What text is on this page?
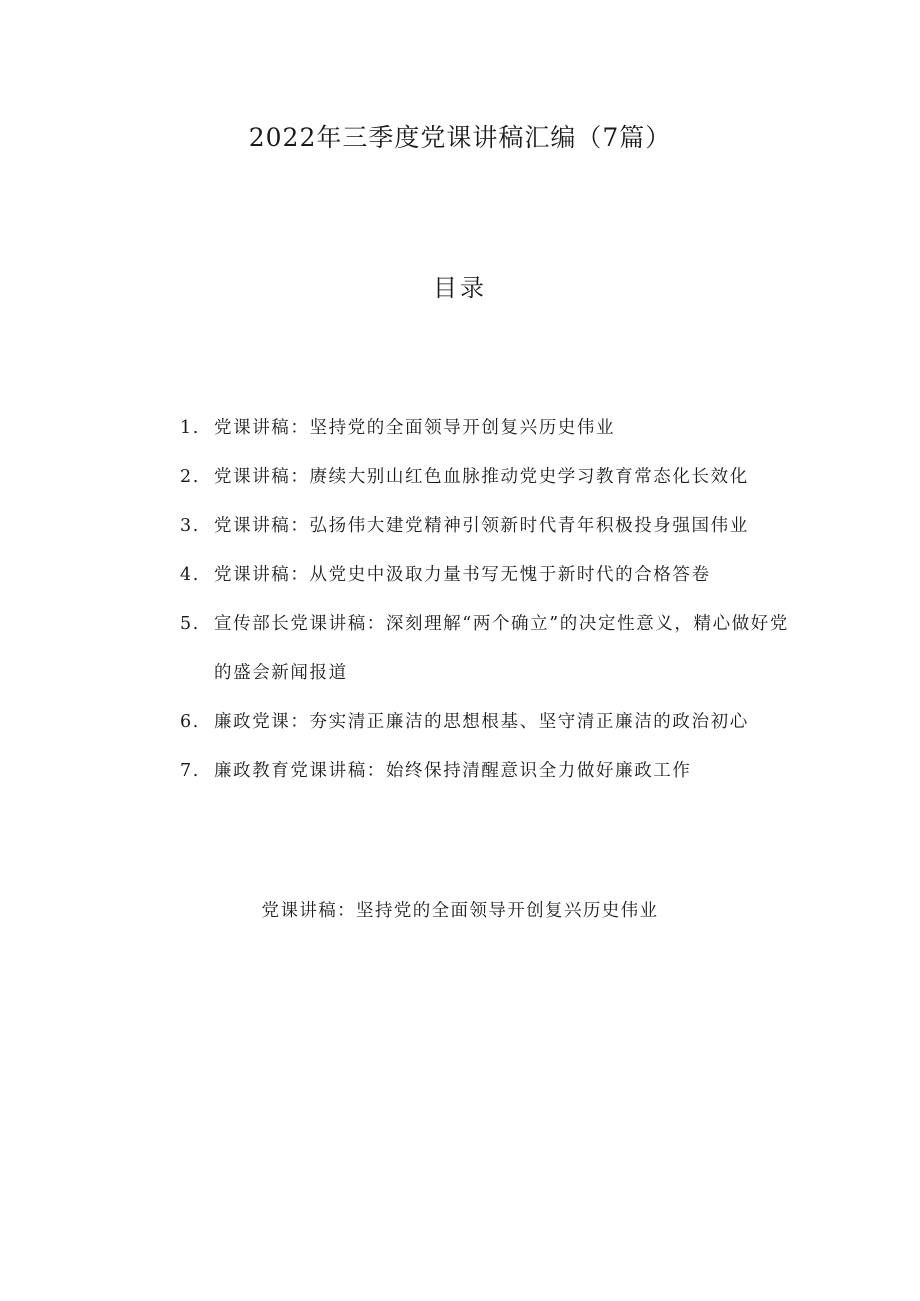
2022年三季度党课讲稿汇编（7篇）
目录
1. 党课讲稿：坚持党的全面领导开创复兴历史伟业
2. 党课讲稿：赓续大别山红色血脉推动党史学习教育常态化长效化
3. 党课讲稿：弘扬伟大建党精神引领新时代青年积极投身强国伟业
4. 党课讲稿：从党史中汲取力量书写无愧于新时代的合格答卷
5. 宣传部长党课讲稿：深刻理解“两个确立”的决定性意义，精心做好党的盛会新闻报道
6. 廉政党课：夯实清正廉洁的思想根基、坚守清正廉洁的政治初心
7. 廉政教育党课讲稿：始终保持清醒意识全力做好廉政工作
党课讲稿：坚持党的全面领导开创复兴历史伟业
